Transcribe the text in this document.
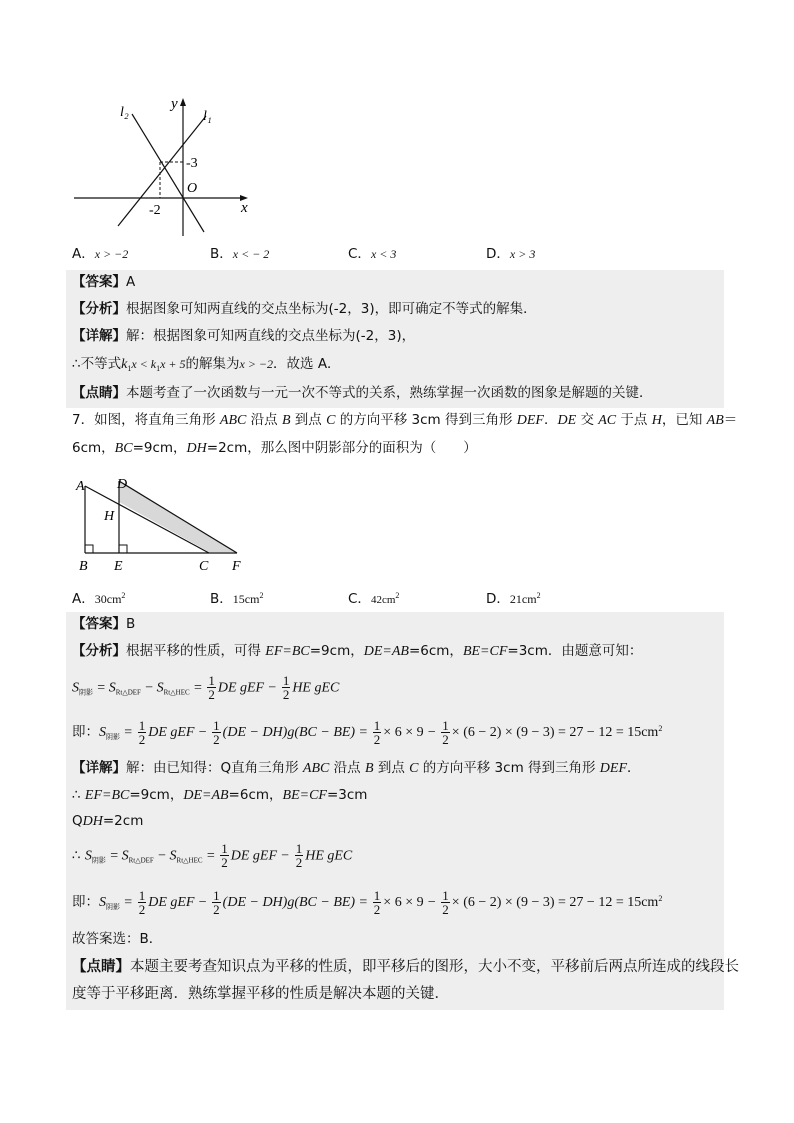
l₂
y
l₁
-3
O
-2	x
A．x > −2	B．x < − 2	C．x < 3	D．x > 3
【答案】A
【分析】根据图象可知两直线的交点坐标为(-2，3)，即可确定不等式的解集．
【详解】解：根据图象可知两直线的交点坐标为(-2，3)，
∴不等式$k_1x < k_1x + 5$的解集为x > −2．故选 A．
【点睛】本题考查了一次函数与一元一次不等式的关系，熟练掌握一次函数的图象是解题的关键．
7．如图，将直角三角形 ABC 沿点 B 到点 C 的方向平移 3cm 得到三角形 DEF．DE 交 AC 于点 H，已知 AB＝
6cm，BC=9cm，DH=2cm，那么图中阴影部分的面积为（　　）
A D
H
B E	C F
A．$30cm^2$	B．$15cm^2$	C．$42cm^2$	D．$21cm^2$
【答案】B
【分析】根据平移的性质，可得 EF=BC=9cm，DE=AB=6cm，BE=CF=3cm．由题意可知：
$S_{阴影} = S_{Rt\triangle DEF} - S_{Rt\triangle HEC} = \frac{1}{2}$ DE gEF − $\frac{1}{2}$ HE gEC
即：$S_{阴影} = \frac{1}{2}$ DE gEF − $\frac{1}{2} (DE - DH)g(BC - BE) = \frac{1}{2} \times 6 \times 9 - \frac{1}{2} \times (6 - 2) \times (9 - 3) = 27 - 12 = 15cm^2$
【详解】解：由已知得：Q直角三角形 ABC 沿点 B 到点 C 的方向平移 3cm 得到三角形 DEF．
∴ EF=BC=9cm，DE=AB=6cm，BE=CF=3cm
QDH=2cm
∴ $S_{阴影} = S_{Rt\triangle DEF} - S_{Rt\triangle HEC} = \frac{1}{2}$ DE gEF − $\frac{1}{2}$ HE gEC
即：$S_{阴影} = \frac{1}{2}$ DE gEF − $\frac{1}{2} (DE - DH)g(BC - BE) = \frac{1}{2} \times 6 \times 9 - \frac{1}{2} \times (6 - 2) \times (9 - 3) = 27 - 12 = 15cm^2$
故答案选：B．
【点睛】本题主要考查知识点为平移的性质，即平移后的图形，大小不变，平移前后两点所连成的线段长
度等于平移距离．熟练掌握平移的性质是解决本题的关键．
